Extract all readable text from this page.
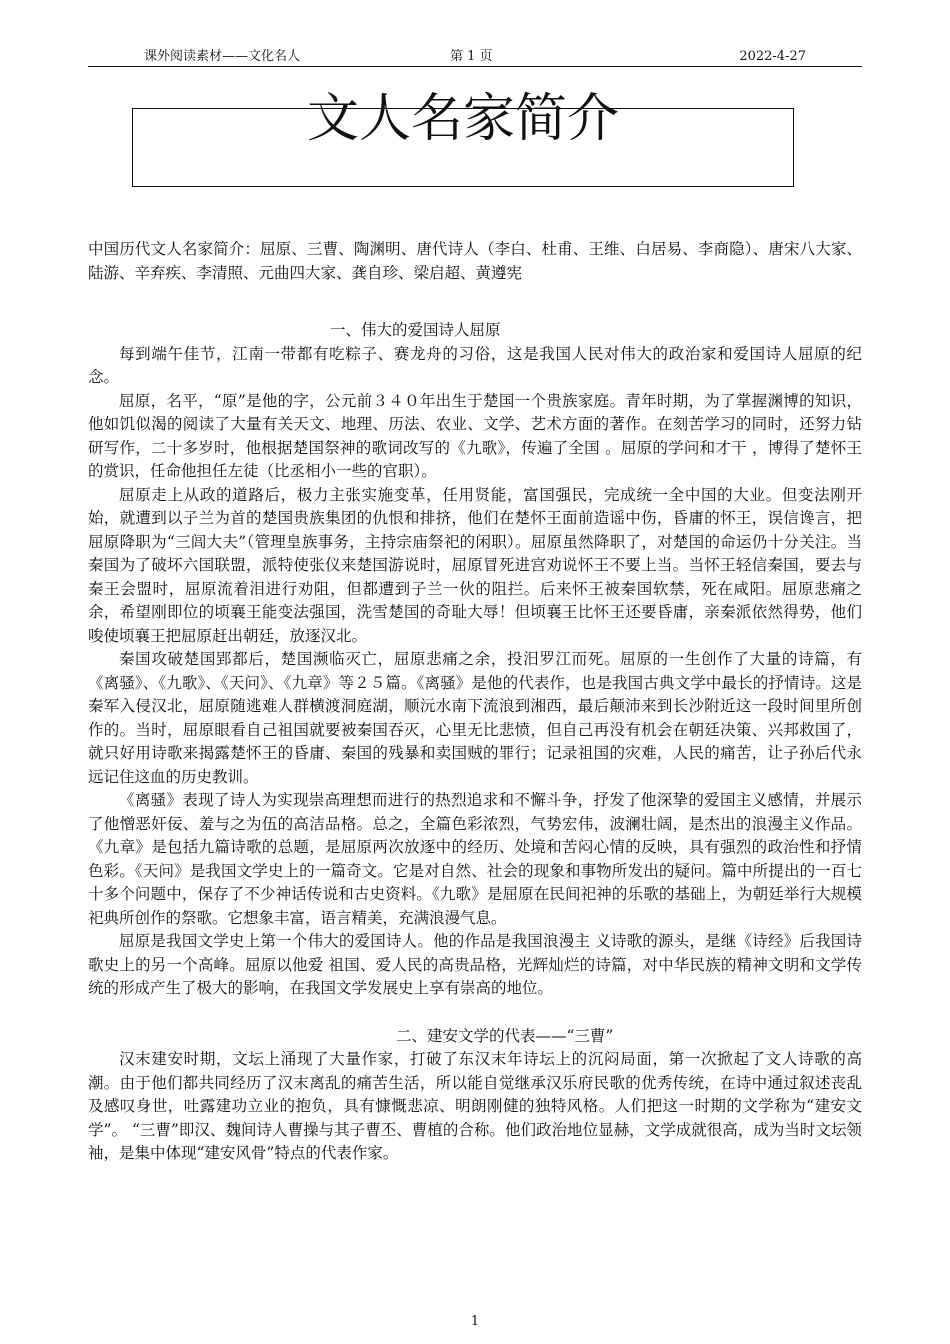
课外阅读素材——文化名人	第 1 页	2022-4-27
文人名家简介

中国历代文人名家简介：屈原、三曹、陶渊明、唐代诗人（李白、杜甫、王维、白居易、李商隐）、唐宋八大家、陆游、辛弃疾、李清照、元曲四大家、龚自珍、梁启超、黄遵宪

一、伟大的爱国诗人屈原

每到端午佳节，江南一带都有吃粽子、赛龙舟的习俗，这是我国人民对伟大的政治家和爱国诗人屈原的纪念。

屈原，名平，“原”是他的字，公元前３４０年出生于楚国一个贵族家庭。青年时期，为了掌握渊博的知识，他如饥似渴的阅读了大量有关天文、地理、历法、农业、文学、艺术方面的著作。在刻苦学习的同时，还努力钻研写作，二十多岁时，他根据楚国祭神的歌词改写的《九歌》，传遍了全国 。屈原的学问和才干 ，博得了楚怀王的赏识，任命他担任左徒（比丞相小一些的官职）。

屈原走上从政的道路后，极力主张实施变革，任用贤能，富国强民，完成统一全中国的大业。但变法刚开始，就遭到以子兰为首的楚国贵族集团的仇恨和排挤，他们在楚怀王面前造谣中伤，昏庸的怀王，误信谗言，把屈原降职为“三闾大夫”（管理皇族事务，主持宗庙祭祀的闲职）。屈原虽然降职了，对楚国的命运仍十分关注。当秦国为了破坏六国联盟，派特使张仪来楚国游说时，屈原冒死进宫劝说怀王不要上当。当怀王轻信秦国，要去与秦王会盟时，屈原流着泪进行劝阻，但都遭到子兰一伙的阻拦。后来怀王被秦国软禁，死在咸阳。屈原悲痛之余，希望刚即位的顷襄王能变法强国，洗雪楚国的奇耻大辱！但顷襄王比怀王还要昏庸，亲秦派依然得势，他们唆使顷襄王把屈原赶出朝廷，放逐汉北。

秦国攻破楚国郢都后，楚国濒临灭亡，屈原悲痛之余，投汨罗江而死。屈原的一生创作了大量的诗篇，有《离骚》、《九歌》、《天问》、《九章》等２５篇。《离骚》是他的代表作，也是我国古典文学中最长的抒情诗。这是秦军入侵汉北，屈原随逃难人群横渡洞庭湖，顺沅水南下流浪到湘西，最后颠沛来到长沙附近这一段时间里所创作的。当时，屈原眼看自己祖国就要被秦国吞灭，心里无比悲愤，但自己再没有机会在朝廷决策、兴邦救国了，就只好用诗歌来揭露楚怀王的昏庸、秦国的残暴和卖国贼的罪行；记录祖国的灾难，人民的痛苦，让子孙后代永远记住这血的历史教训。

《离骚》表现了诗人为实现崇高理想而进行的热烈追求和不懈斗争，抒发了他深挚的爱国主义感情，并展示了他憎恶奸佞、羞与之为伍的高洁品格。总之，全篇色彩浓烈，气势宏伟，波澜壮阔，是杰出的浪漫主义作品。《九章》是包括九篇诗歌的总题，是屈原两次放逐中的经历、处境和苦闷心情的反映，具有强烈的政治性和抒情色彩。《天问》是我国文学史上的一篇奇文。它是对自然、社会的现象和事物所发出的疑问。篇中所提出的一百七十多个问题中，保存了不少神话传说和古史资料。《九歌》是屈原在民间祀神的乐歌的基础上，为朝廷举行大规模祀典所创作的祭歌。它想象丰富，语言精美，充满浪漫气息。

屈原是我国文学史上第一个伟大的爱国诗人。他的作品是我国浪漫主 义诗歌的源头，是继《诗经》后我国诗歌史上的另一个高峰。屈原以他爱 祖国、爱人民的高贵品格，光辉灿烂的诗篇，对中华民族的精神文明和文学传统的形成产生了极大的影响，在我国文学发展史上享有崇高的地位。

二、建安文学的代表——“三曹”

汉末建安时期，文坛上涌现了大量作家，打破了东汉末年诗坛上的沉闷局面，第一次掀起了文人诗歌的高潮。由于他们都共同经历了汉末离乱的痛苦生活，所以能自觉继承汉乐府民歌的优秀传统，在诗中通过叙述丧乱及感叹身世，吐露建功立业的抱负，具有慷慨悲凉、明朗刚健的独特风格。人们把这一时期的文学称为“建安文学”。 “三曹”即汉、魏间诗人曹操与其子曹丕、曹植的合称。他们政治地位显赫，文学成就很高，成为当时文坛领袖，是集中体现“建安风骨”特点的代表作家。

1
